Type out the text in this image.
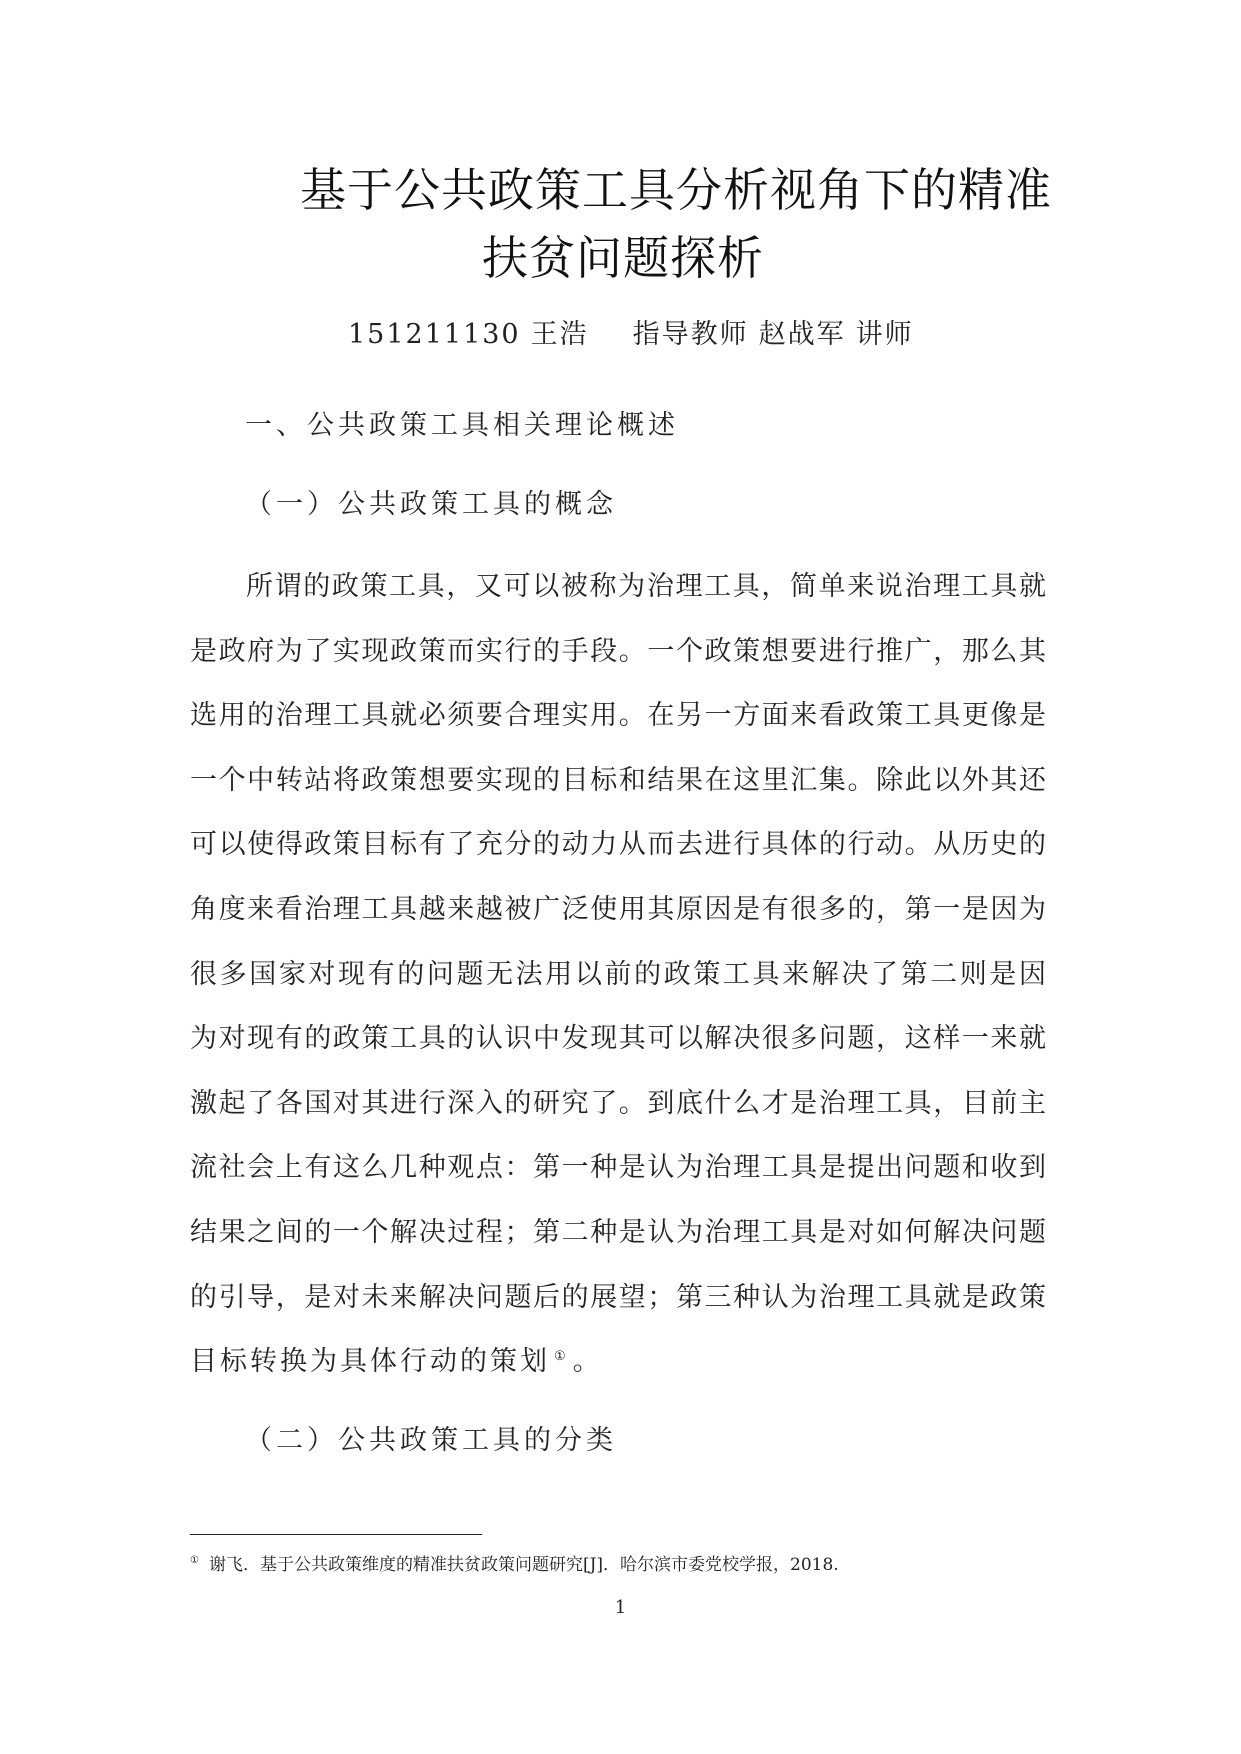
基于公共政策工具分析视角下的精准
扶贫问题探析
151211130 王浩 指导教师 赵战军 讲师
一、公共政策工具相关理论概述
（一）公共政策工具的概念
所谓的政策工具，又可以被称为治理工具，简单来说治理工具就
是政府为了实现政策而实行的手段。一个政策想要进行推广，那么其
选用的治理工具就必须要合理实用。在另一方面来看政策工具更像是
一个中转站将政策想要实现的目标和结果在这里汇集。除此以外其还
可以使得政策目标有了充分的动力从而去进行具体的行动。从历史的
角度来看治理工具越来越被广泛使用其原因是有很多的，第一是因为
很多国家对现有的问题无法用以前的政策工具来解决了第二则是因
为对现有的政策工具的认识中发现其可以解决很多问题，这样一来就
激起了各国对其进行深入的研究了。到底什么才是治理工具，目前主
流社会上有这么几种观点：第一种是认为治理工具是提出问题和收到
结果之间的一个解决过程；第二种是认为治理工具是对如何解决问题
的引导，是对未来解决问题后的展望；第三种认为治理工具就是政策
目标转换为具体行动的策划 ① 。
（二）公共政策工具的分类
① 谢飞．基于公共政策维度的精准扶贫政策问题研究[J]．哈尔滨市委党校学报，2018.
1
